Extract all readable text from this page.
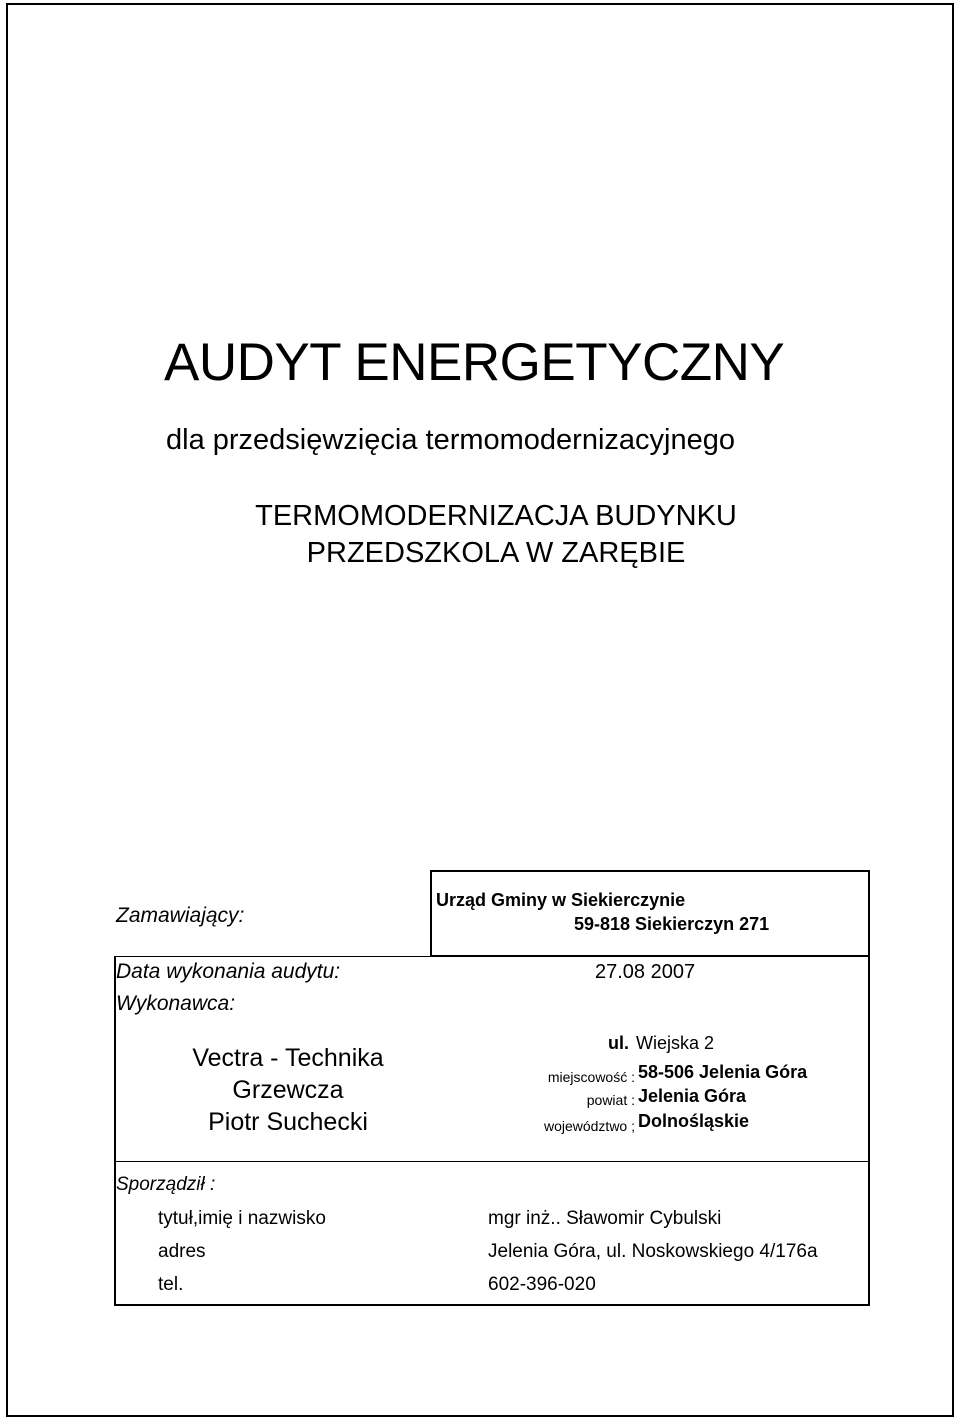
AUDYT ENERGETYCZNY
dla przedsięwzięcia termomodernizacyjnego
TERMOMODERNIZACJA BUDYNKU
PRZEDSZKOLA W ZARĘBIE
Zamawiający:
Urząd Gminy w Siekierczynie
59-818 Siekierczyn 271
Data wykonania audytu:	27.08 2007
Wykonawca:
Vectra - Technika
Grzewcza
Piotr Suchecki
ul. Wiejska 2
miejscowość : 58-506 Jelenia Góra
powiat : Jelenia Góra
województwo ; Dolnośląskie
Sporządził :
tytuł,imię i nazwisko	mgr inż.. Sławomir Cybulski
adres	Jelenia Góra, ul. Noskowskiego 4/176a
tel.	602-396-020
